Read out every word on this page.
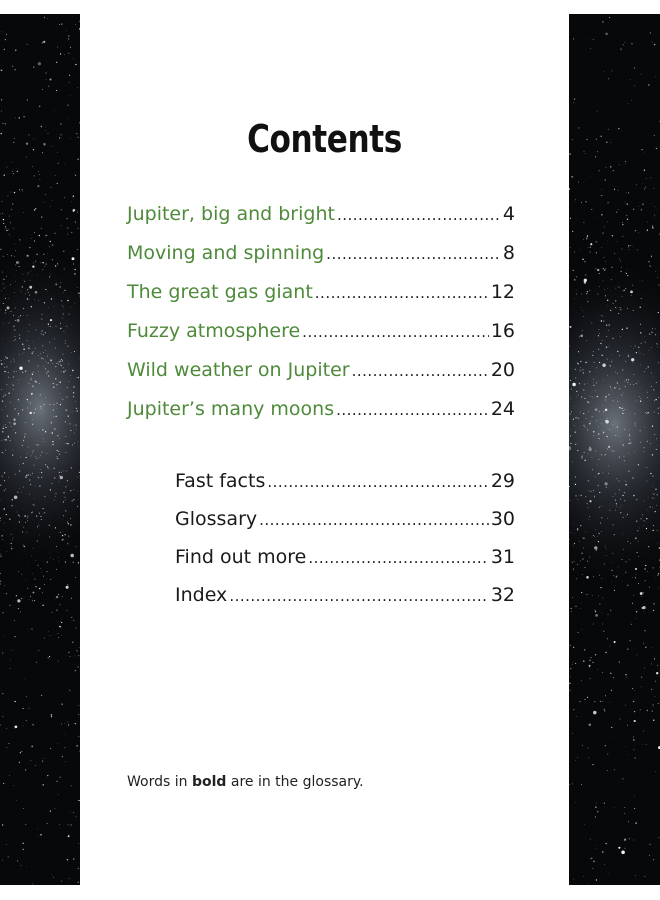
Contents
Jupiter, big and bright .....	4
Moving and spinning .....	8
The great gas giant .....	12
Fuzzy atmosphere .....	16
Wild weather on Jupiter .....	20
Jupiter’s many moons .....	24
Fast facts .....	29
Glossary .....	30
Find out more .....	31
Index .....	32

Words in bold are in the glossary.
